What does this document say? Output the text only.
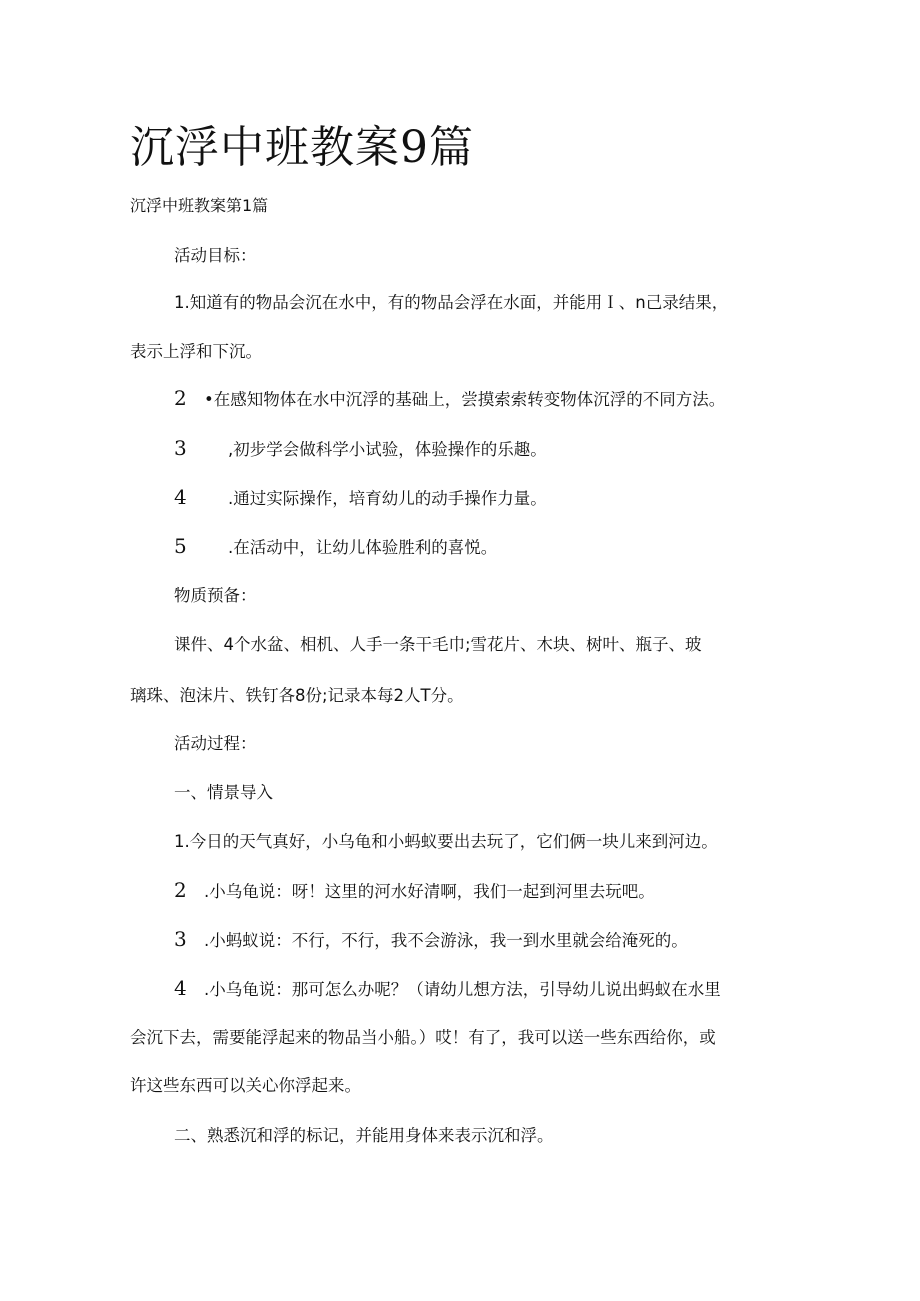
沉浮中班教案9篇
沉浮中班教案第1篇
活动目标：
1.知道有的物品会沉在水中，有的物品会浮在水面，并能用Ｉ、n己录结果，
表示上浮和下沉。
2 •在感知物体在水中沉浮的基础上，尝摸索索转变物体沉浮的不同方法。
3	,初步学会做科学小试验，体验操作的乐趣。
4	.通过实际操作，培育幼儿的动手操作力量。
5	.在活动中，让幼儿体验胜利的喜悦。
物质预备：
课件、4个水盆、相机、人手一条干毛巾;雪花片、木块、树叶、瓶子、玻
璃珠、泡沫片、铁钉各8份;记录本每2人T分。
活动过程：
一、情景导入
1.今日的天气真好，小乌龟和小蚂蚁要出去玩了，它们俩一块儿来到河边。
2 .小乌龟说：呀！这里的河水好清啊，我们一起到河里去玩吧。
3 .小蚂蚁说：不行，不行，我不会游泳，我一到水里就会给淹死的。
4 .小乌龟说：那可怎么办呢？（请幼儿想方法，引导幼儿说出蚂蚁在水里
会沉下去，需要能浮起来的物品当小船。）哎！有了，我可以送一些东西给你，或
许这些东西可以关心你浮起来。
二、熟悉沉和浮的标记，并能用身体来表示沉和浮。
